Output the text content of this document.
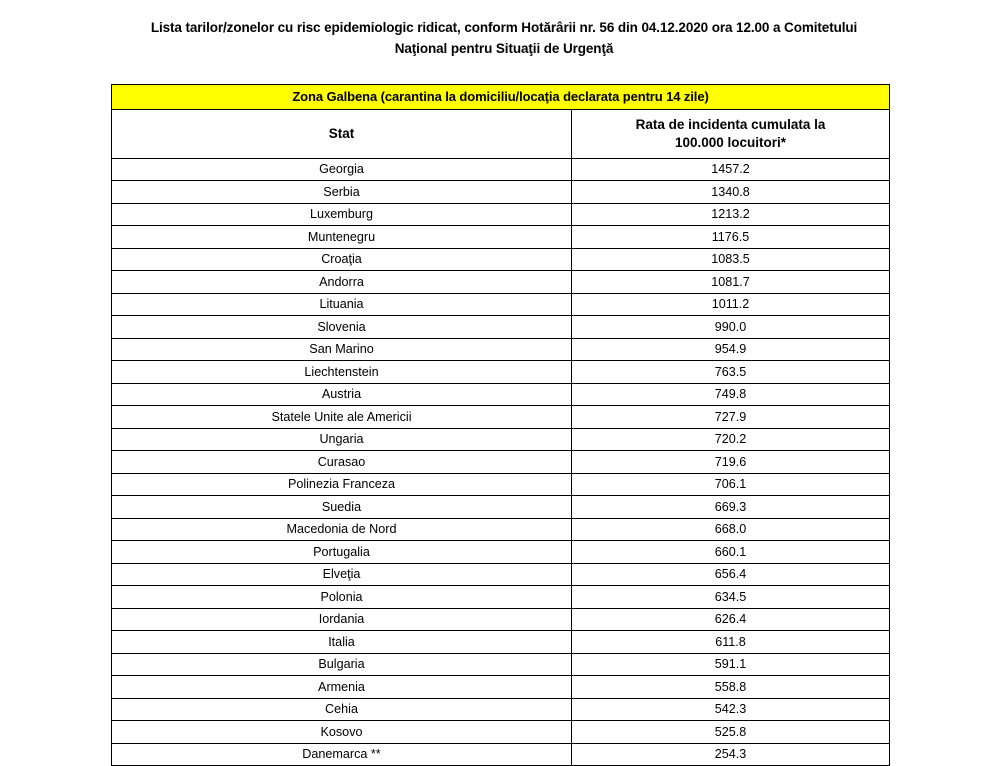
Lista tarilor/zonelor cu risc epidemiologic ridicat, conform Hotărârii nr. 56 din 04.12.2020 ora 12.00 a Comitetului
Naţional pentru Situaţii de Urgenţă
Zona Galbena (carantina la domiciliu/locaţia declarata pentru 14 zile)	
Stat	Rata de incidenta cumulata la
100.000 locuitori*
Georgia	1457.2
Serbia	1340.8
Luxemburg	1213.2
Muntenegru	1176.5
Croaţia	1083.5
Andorra	1081.7
Lituania	1011.2
Slovenia	990.0
San Marino	954.9
Liechtenstein	763.5
Austria	749.8
Statele Unite ale Americii	727.9
Ungaria	720.2
Curasao	719.6
Polinezia Franceza	706.1
Suedia	669.3
Macedonia de Nord	668.0
Portugalia	660.1
Elveţia	656.4
Polonia	634.5
Iordania	626.4
Italia	611.8
Bulgaria	591.1
Armenia	558.8
Cehia	542.3
Kosovo	525.8
Danemarca **	254.3
